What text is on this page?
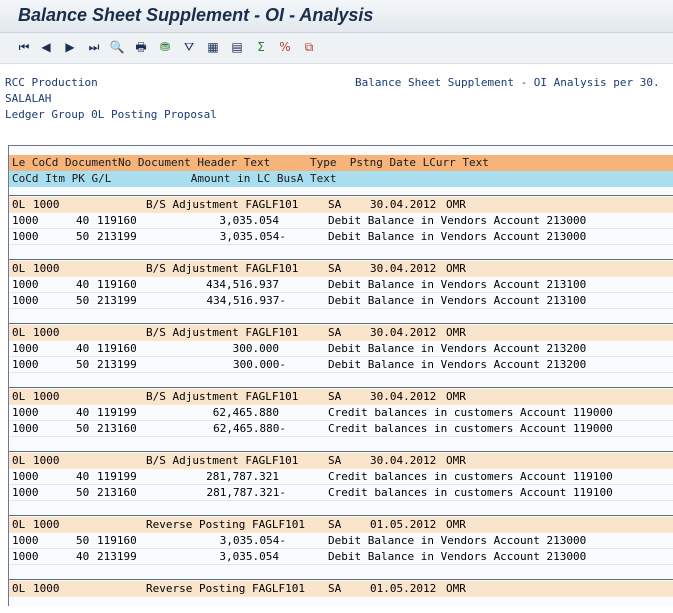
Balance Sheet Supplement - OI - Analysis
⏮ ◀	▶	⏭ 🔍 🖶	⛃	⛛	▦ ▤	Σ	%	⧉
RCC Production
SALALAH
Ledger Group 0L Posting Proposal
Balance Sheet Supplement - OI Analysis per 30.

Le CoCd DocumentNo Document Header Text      Type  Pstng Date LCurr Text

CoCd Itm PK G/L            Amount in LC BusA Text

0L 1000	B/S Adjustment FAGLF101	SA	30.04.2012 OMR
1000	40 119160	3,035.054	Debit Balance in Vendors Account 213000
1000	50 213199	3,035.054-	Debit Balance in Vendors Account 213000
0L 1000	B/S Adjustment FAGLF101	SA	30.04.2012 OMR
1000	40 119160	434,516.937	Debit Balance in Vendors Account 213100
1000	50 213199	434,516.937-	Debit Balance in Vendors Account 213100
0L 1000	B/S Adjustment FAGLF101	SA	30.04.2012 OMR
1000	40 119160	300.000	Debit Balance in Vendors Account 213200
1000	50 213199	300.000-	Debit Balance in Vendors Account 213200
0L 1000	B/S Adjustment FAGLF101	SA	30.04.2012 OMR
1000	40 119199	62,465.880	Credit balances in customers Account 119000
1000	50 213160	62,465.880-	Credit balances in customers Account 119000
0L 1000	B/S Adjustment FAGLF101	SA	30.04.2012 OMR
1000	40 119199	281,787.321	Credit balances in customers Account 119100
1000	50 213160	281,787.321-	Credit balances in customers Account 119100
0L 1000	Reverse Posting FAGLF101 SA	01.05.2012 OMR
1000	50 119160	3,035.054-	Debit Balance in Vendors Account 213000
1000	40 213199	3,035.054	Debit Balance in Vendors Account 213000
0L 1000	Reverse Posting FAGLF101 SA	01.05.2012 OMR
